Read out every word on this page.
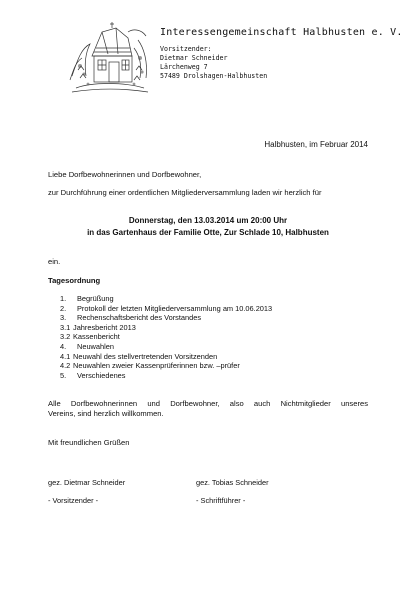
Interessengemeinschaft Halbhusten e. V.
Vorsitzender:
Dietmar Schneider
Lärchenweg 7
57489 Drolshagen-Halbhusten
Halbhusten, im Februar 2014
Liebe Dorfbewohnerinnen und Dorfbewohner,
zur Durchführung einer ordentlichen Mitgliederversammlung laden wir herzlich für
Donnerstag, den 13.03.2014 um 20:00 Uhr
in das Gartenhaus der Familie Otte, Zur Schlade 10, Halbhusten
ein.
Tagesordnung
1.	Begrüßung
2.	Protokoll der letzten Mitgliederversammlung am 10.06.2013
3.	Rechenschaftsbericht des Vorstandes
3.1 Jahresbericht 2013
3.2 Kassenbericht
4.	Neuwahlen
4.1 Neuwahl des stellvertretenden Vorsitzenden
4.2 Neuwahlen zweier Kassenprüferinnen bzw. –prüfer
5.	Verschiedenes
Alle Dorfbewohnerinnen und Dorfbewohner, also auch Nichtmitglieder unseres
Vereins, sind herzlich willkommen.
Mit freundlichen Grüßen
gez. Dietmar Schneider	gez. Tobias Schneider
- Vorsitzender -	- Schriftführer -
